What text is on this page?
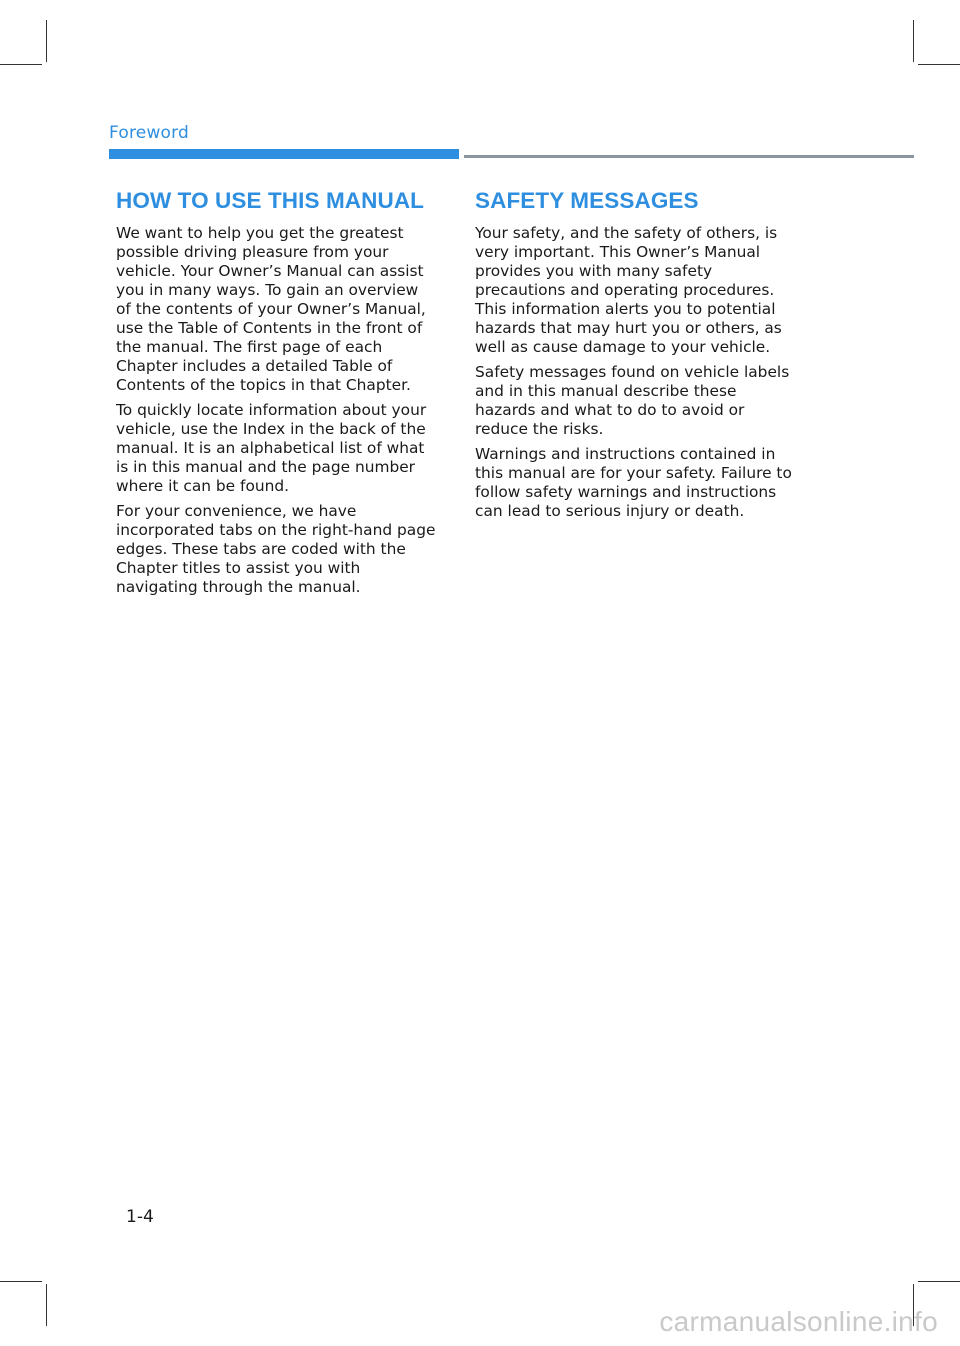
Foreword
HOW TO USE THIS MANUAL

We want to help you get the greatest possible driving pleasure from your vehicle. Your Owner’s Manual can assist you in many ways. To gain an overview of the contents of your Owner’s Manual, use the Table of Contents in the front of the manual. The first page of each Chapter includes a detailed Table of Contents of the topics in that Chapter.

To quickly locate information about your vehicle, use the Index in the back of the manual. It is an alphabetical list of what is in this manual and the page number where it can be found.

For your convenience, we have incorporated tabs on the right-hand page edges. These tabs are coded with the Chapter titles to assist you with navigating through the manual.

SAFETY MESSAGES

Your safety, and the safety of others, is very important. This Owner’s Manual provides you with many safety precautions and operating procedures. This information alerts you to potential hazards that may hurt you or others, as well as cause damage to your vehicle.

Safety messages found on vehicle labels and in this manual describe these hazards and what to do to avoid or reduce the risks.

Warnings and instructions contained in this manual are for your safety. Failure to follow safety warnings and instructions can lead to serious injury or death.

1-4
carmanualsonline.info
